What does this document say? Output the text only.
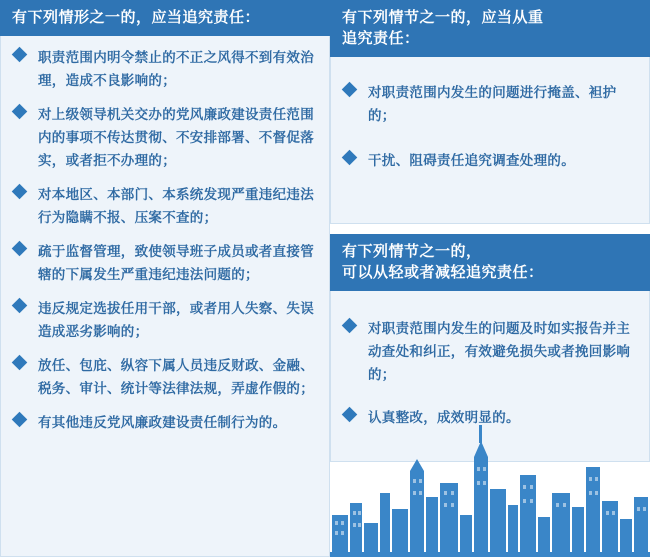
有下列情形之一的，应当追究责任：
职责范围内明令禁止的不正之风得不到有效治理，造成不良影响的；
对上级领导机关交办的党风廉政建设责任范围内的事项不传达贯彻、不安排部署、不督促落实，或者拒不办理的；
对本地区、本部门、本系统发现严重违纪违法行为隐瞒不报、压案不查的；
疏于监督管理，致使领导班子成员或者直接管辖的下属发生严重违纪违法问题的；
违反规定选拔任用干部，或者用人失察、失误造成恶劣影响的；
放任、包庇、纵容下属人员违反财政、金融、税务、审计、统计等法律法规，弄虚作假的；
有其他违反党风廉政建设责任制行为的。
有下列情节之一的，应当从重
追究责任：
对职责范围内发生的问题进行掩盖、袒护的；
干扰、阻碍责任追究调查处理的。
有下列情节之一的，
可以从轻或者减轻追究责任：
对职责范围内发生的问题及时如实报告并主动查处和纠正，有效避免损失或者挽回影响的；
认真整改，成效明显的。
